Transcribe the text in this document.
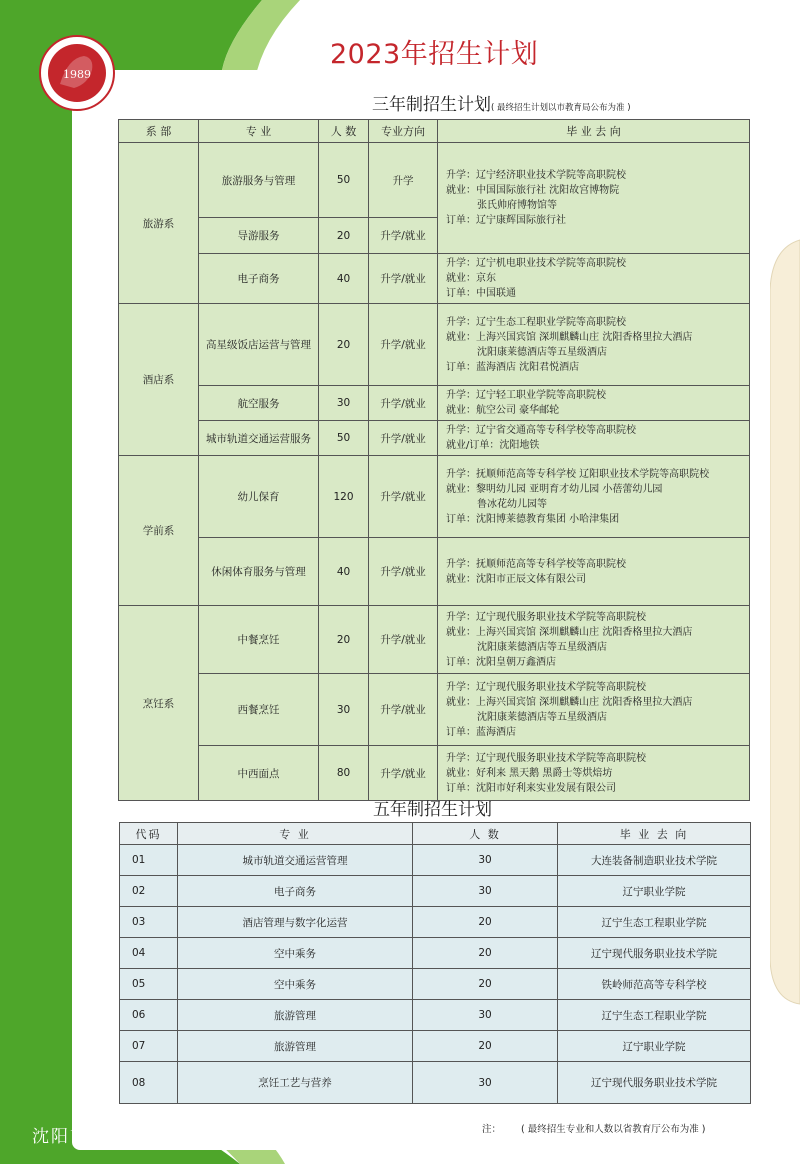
1989
2023年招生计划
沈阳市旅游学校
三年制招生计划( 最终招生计划以市教育局公布为准 )
系 部	专 业	人 数	专业方向	毕 业 去 向
旅游系	旅游服务与管理	50	升学	升学：辽宁经济职业技术学院等高职院校
就业：中国国际旅行社 沈阳故宫博物院
张氏帅府博物馆等
订单：辽宁康辉国际旅行社

	导游服务	20	升学/就业	
	电子商务	40	升学/就业	升学：辽宁机电职业技术学院等高职院校
就业：京东
订单：中国联通

酒店系	高星级饭店运营与管理	20	升学/就业	升学：辽宁生态工程职业学院等高职院校
就业：上海兴国宾馆 深圳麒麟山庄 沈阳香格里拉大酒店
沈阳康莱德酒店等五星级酒店
订单：蓝海酒店 沈阳君悦酒店

	航空服务	30	升学/就业	升学：辽宁轻工职业学院等高职院校
就业：航空公司 豪华邮轮

	城市轨道交通运营服务	50	升学/就业	升学：辽宁省交通高等专科学校等高职院校
就业/订单：沈阳地铁

学前系	幼儿保育	120	升学/就业	升学：抚顺师范高等专科学校 辽阳职业技术学院等高职院校
就业：黎明幼儿园 亚明育才幼儿园 小蓓蕾幼儿园
鲁冰花幼儿园等
订单：沈阳博莱德教育集团 小哈津集团

	休闲体育服务与管理	40	升学/就业	升学：抚顺师范高等专科学校等高职院校
就业：沈阳市正辰文体有限公司

烹饪系	中餐烹饪	20	升学/就业	升学：辽宁现代服务职业技术学院等高职院校
就业：上海兴国宾馆 深圳麒麟山庄 沈阳香格里拉大酒店
沈阳康莱德酒店等五星级酒店
订单：沈阳皇朝万鑫酒店

	西餐烹饪	30	升学/就业	升学：辽宁现代服务职业技术学院等高职院校
就业：上海兴国宾馆 深圳麒麟山庄 沈阳香格里拉大酒店
沈阳康莱德酒店等五星级酒店
订单：蓝海酒店

	中西面点	80	升学/就业	升学：辽宁现代服务职业技术学院等高职院校
就业：好利来 黑天鹅 黑爵士等烘焙坊
订单：沈阳市好利来实业发展有限公司
五年制招生计划
代码	专 业	人 数	毕 业 去 向
01	城市轨道交通运营管理	30	大连装备制造职业技术学院
02	电子商务	30	辽宁职业学院
03	酒店管理与数字化运营	20	辽宁生态工程职业学院
04	空中乘务	20	辽宁现代服务职业技术学院
05	空中乘务	20	铁岭师范高等专科学校
06	旅游管理	30	辽宁生态工程职业学院
07	旅游管理	20	辽宁职业学院
08	烹饪工艺与营养	30	辽宁现代服务职业技术学院
注： ( 最终招生专业和人数以省教育厅公布为准 )
